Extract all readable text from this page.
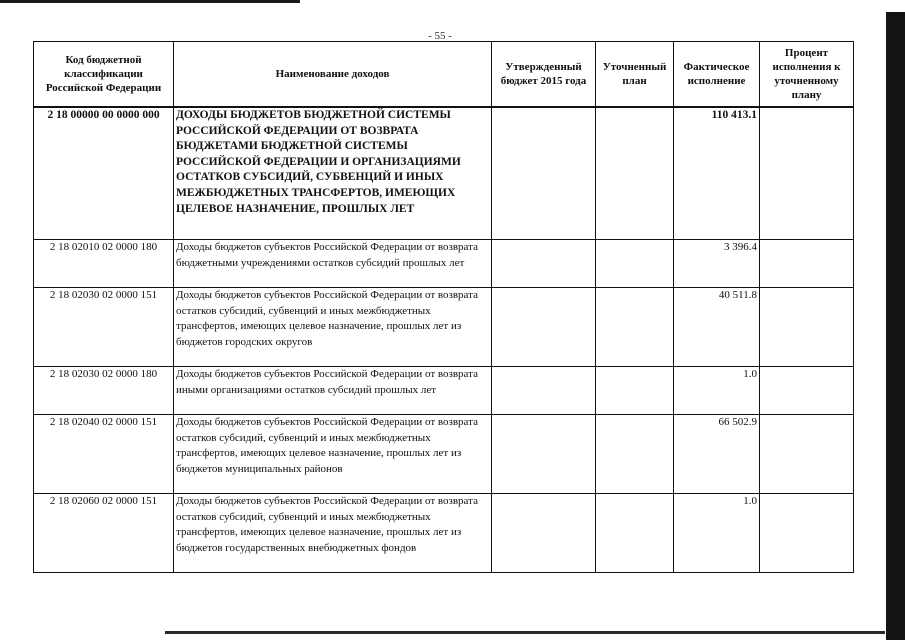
- 55 -
Код бюджетной классификации Российской Федерации	Наименование доходов	Утвержденный бюджет 2015 года	Уточненный план	Фактическое исполнение	Процент исполнения к уточненному плану
2 18 00000 00 0000 000	ДОХОДЫ БЮДЖЕТОВ БЮДЖЕТНОЙ СИСТЕМЫ РОССИЙСКОЙ ФЕДЕРАЦИИ ОТ ВОЗВРАТА БЮДЖЕТАМИ БЮДЖЕТНОЙ СИСТЕМЫ РОССИЙСКОЙ ФЕДЕРАЦИИ И ОРГАНИЗАЦИЯМИ ОСТАТКОВ СУБСИДИЙ, СУБВЕНЦИЙ И ИНЫХ МЕЖБЮДЖЕТНЫХ ТРАНСФЕРТОВ, ИМЕЮЩИХ ЦЕЛЕВОЕ НАЗНАЧЕНИЕ, ПРОШЛЫХ ЛЕТ			110 413.1	
2 18 02010 02 0000 180	Доходы бюджетов субъектов Российской Федерации от возврата бюджетными учреждениями остатков субсидий прошлых лет			3 396.4	
2 18 02030 02 0000 151	Доходы бюджетов субъектов Российской Федерации от возврата остатков субсидий, субвенций и иных межбюджетных трансфертов, имеющих целевое назначение, прошлых лет из бюджетов городских округов			40 511.8	
2 18 02030 02 0000 180	Доходы бюджетов субъектов Российской Федерации от возврата иными организациями остатков субсидий прошлых лет			1.0	
2 18 02040 02 0000 151	Доходы бюджетов субъектов Российской Федерации от возврата остатков субсидий, субвенций и иных межбюджетных трансфертов, имеющих целевое назначение, прошлых лет из бюджетов муниципальных районов			66 502.9	
2 18 02060 02 0000 151	Доходы бюджетов субъектов Российской Федерации от возврата остатков субсидий, субвенций и иных межбюджетных трансфертов, имеющих целевое назначение, прошлых лет из бюджетов государственных внебюджетных фондов			1.0	
